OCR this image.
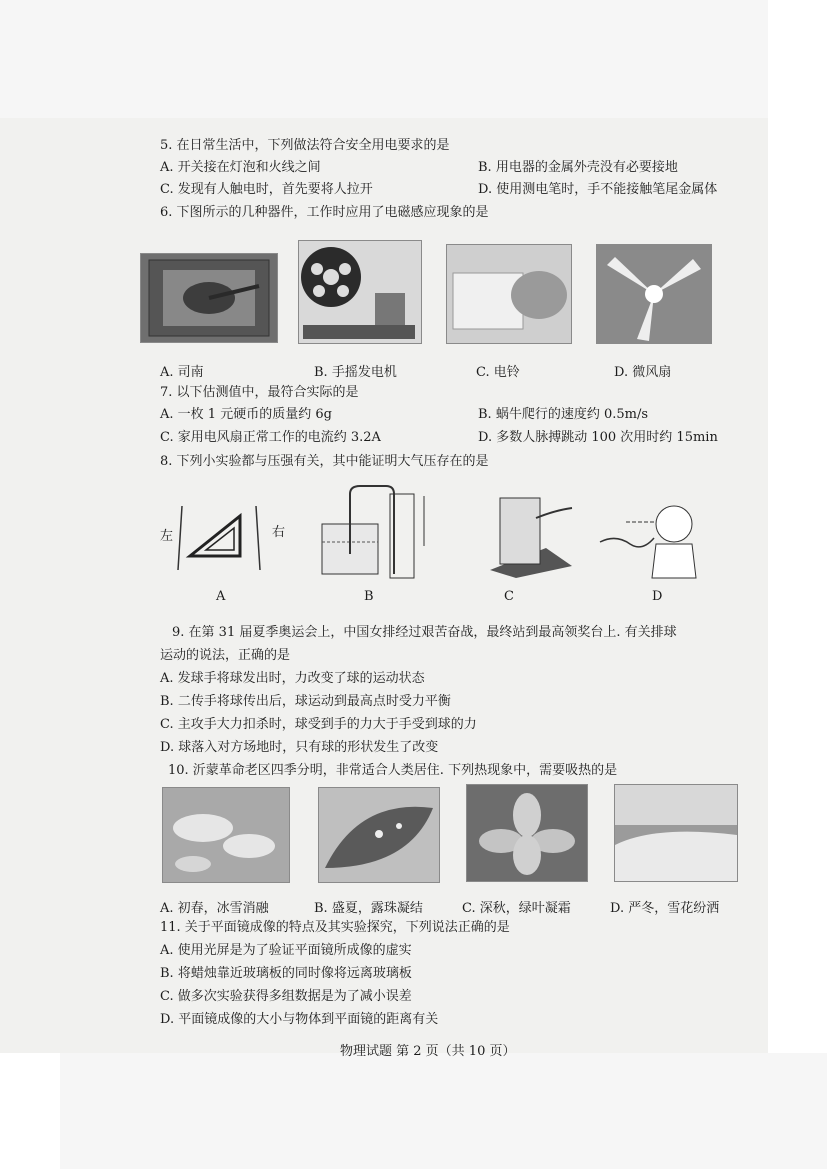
5. 在日常生活中，下列做法符合安全用电要求的是
A. 开关接在灯泡和火线之间	B. 用电器的金属外壳没有必要接地
C. 发现有人触电时，首先要将人拉开	D. 使用测电笔时，手不能接触笔尾金属体
6. 下图所示的几种器件，工作时应用了电磁感应现象的是
A. 司南	B. 手摇发电机	C. 电铃	D. 微风扇
7. 以下估测值中，最符合实际的是
A. 一枚 1 元硬币的质量约 6g	B. 蜗牛爬行的速度约 0.5m/s
C. 家用电风扇正常工作的电流约 3.2A	D. 多数人脉搏跳动 100 次用时约 15min
8. 下列小实验都与压强有关，其中能证明大气压存在的是
左	右
A	B	C	D
9. 在第 31 届夏季奥运会上，中国女排经过艰苦奋战，最终站到最高领奖台上. 有关排球
运动的说法，正确的是
A. 发球手将球发出时，力改变了球的运动状态
B. 二传手将球传出后，球运动到最高点时受力平衡
C. 主攻手大力扣杀时，球受到手的力大于手受到球的力
D. 球落入对方场地时，只有球的形状发生了改变
10. 沂蒙革命老区四季分明，非常适合人类居住. 下列热现象中，需要吸热的是
A. 初春，冰雪消融	B. 盛夏，露珠凝结	C. 深秋，绿叶凝霜	D. 严冬，雪花纷洒
11. 关于平面镜成像的特点及其实验探究，下列说法正确的是
A. 使用光屏是为了验证平面镜所成像的虚实
B. 将蜡烛靠近玻璃板的同时像将远离玻璃板
C. 做多次实验获得多组数据是为了减小误差
D. 平面镜成像的大小与物体到平面镜的距离有关
物理试题 第 2 页（共 10 页）
